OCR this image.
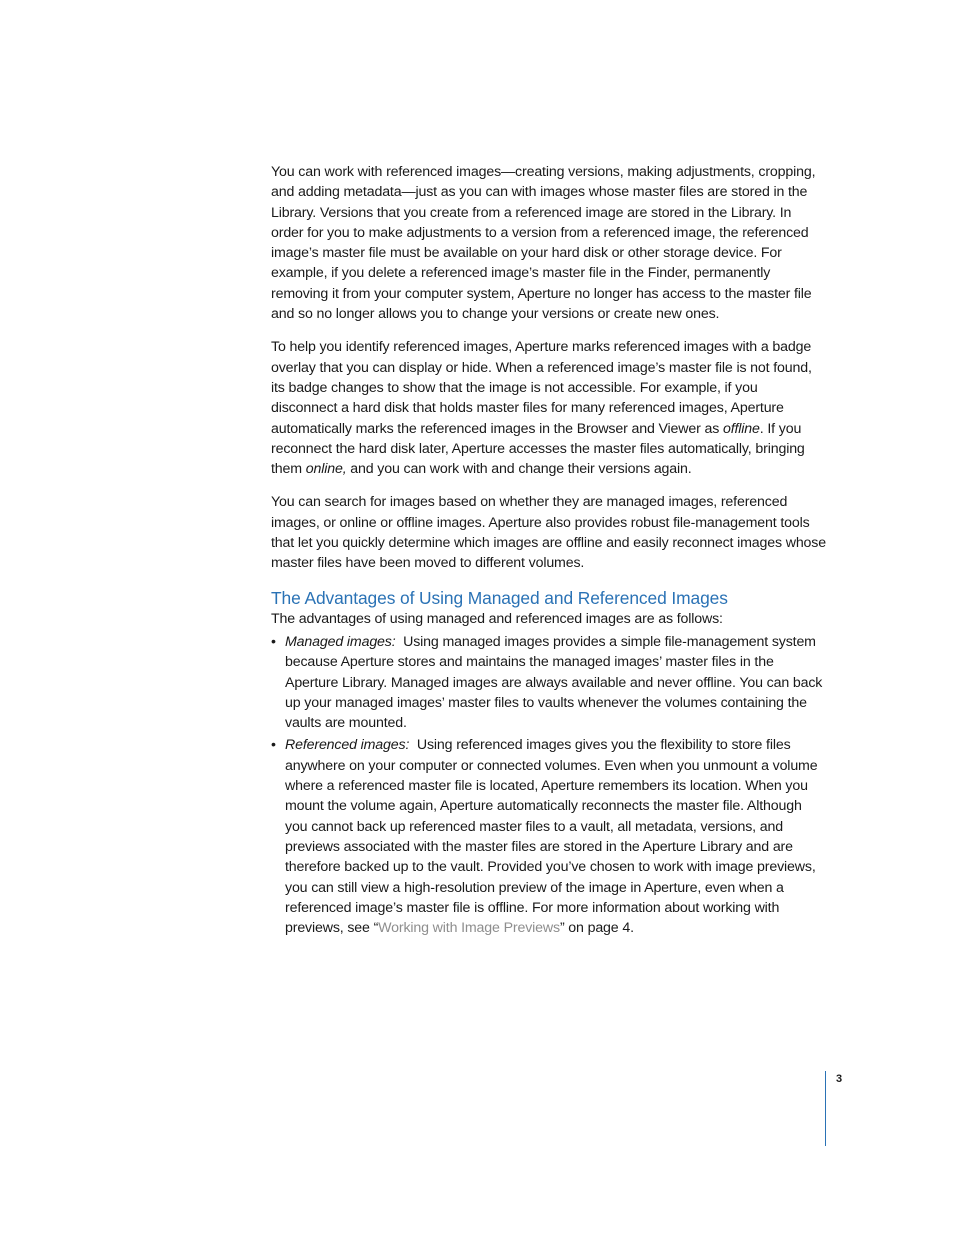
You can work with referenced images—creating versions, making adjustments, cropping, and adding metadata—just as you can with images whose master files are stored in the Library. Versions that you create from a referenced image are stored in the Library. In order for you to make adjustments to a version from a referenced image, the referenced image’s master file must be available on your hard disk or other storage device. For example, if you delete a referenced image’s master file in the Finder, permanently removing it from your computer system, Aperture no longer has access to the master file and so no longer allows you to change your versions or create new ones.

To help you identify referenced images, Aperture marks referenced images with a badge overlay that you can display or hide. When a referenced image’s master file is not found, its badge changes to show that the image is not accessible. For example, if you disconnect a hard disk that holds master files for many referenced images, Aperture automatically marks the referenced images in the Browser and Viewer as offline. If you reconnect the hard disk later, Aperture accesses the master files automatically, bringing them online, and you can work with and change their versions again.

You can search for images based on whether they are managed images, referenced images, or online or offline images. Aperture also provides robust file-management tools that let you quickly determine which images are offline and easily reconnect images whose master files have been moved to different volumes.

The Advantages of Using Managed and Referenced Images

The advantages of using managed and referenced images are as follows:

• Managed images: Using managed images provides a simple file-management system because Aperture stores and maintains the managed images’ master files in the Aperture Library. Managed images are always available and never offline. You can back up your managed images’ master files to vaults whenever the volumes containing the vaults are mounted.
• Referenced images: Using referenced images gives you the flexibility to store files anywhere on your computer or connected volumes. Even when you unmount a volume where a referenced master file is located, Aperture remembers its location. When you mount the volume again, Aperture automatically reconnects the master file. Although you cannot back up referenced master files to a vault, all metadata, versions, and previews associated with the master files are stored in the Aperture Library and are therefore backed up to the vault. Provided you’ve chosen to work with image previews, you can still view a high-resolution preview of the image in Aperture, even when a referenced image’s master file is offline. For more information about working with previews, see “Working with Image Previews” on page 4.
3
